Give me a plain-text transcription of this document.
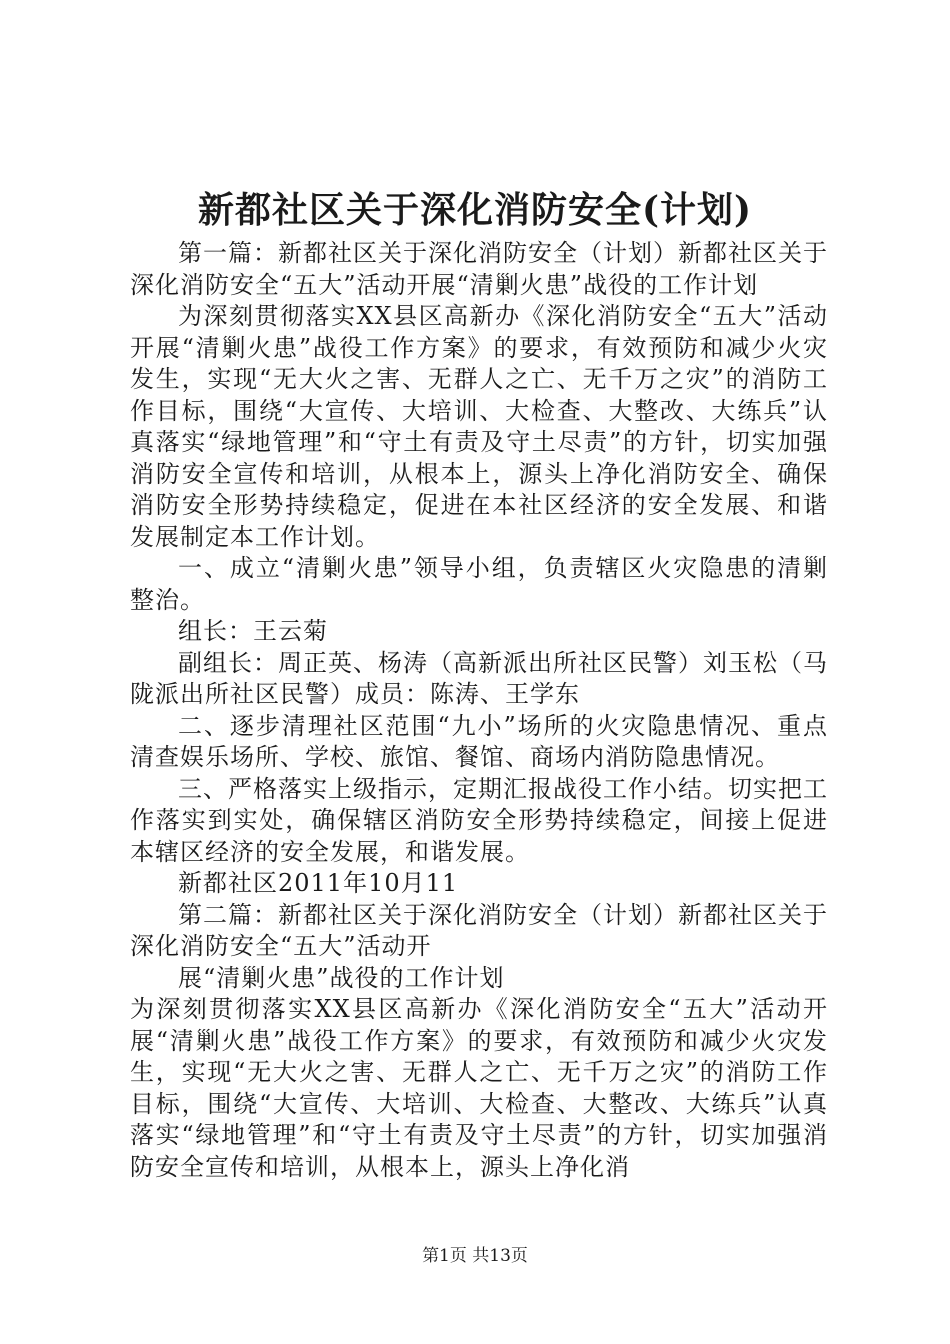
新都社区关于深化消防安全(计划)

第一篇：新都社区关于深化消防安全（计划）新都社区关于深化消防安全“五大”活动开展“清剿火患”战役的工作计划

为深刻贯彻落实XX县区高新办《深化消防安全“五大”活动开展“清剿火患”战役工作方案》的要求，有效预防和减少火灾发生，实现“无大火之害、无群人之亡、无千万之灾”的消防工作目标，围绕“大宣传、大培训、大检查、大整改、大练兵”认真落实“绿地管理”和“守土有责及守土尽责”的方针，切实加强消防安全宣传和培训，从根本上，源头上净化消防安全、确保消防安全形势持续稳定，促进在本社区经济的安全发展、和谐发展制定本工作计划。

一、成立“清剿火患”领导小组，负责辖区火灾隐患的清剿整治。

组长：王云菊

副组长：周正英、杨涛（高新派出所社区民警）刘玉松（马陇派出所社区民警）成员：陈涛、王学东

二、逐步清理社区范围“九小”场所的火灾隐患情况、重点清查娱乐场所、学校、旅馆、餐馆、商场内消防隐患情况。

三、严格落实上级指示，定期汇报战役工作小结。切实把工作落实到实处，确保辖区消防安全形势持续稳定，间接上促进本辖区经济的安全发展，和谐发展。

新都社区2011年10月11

第二篇：新都社区关于深化消防安全（计划）新都社区关于深化消防安全“五大”活动开

展“清剿火患”战役的工作计划

为深刻贯彻落实XX县区高新办《深化消防安全“五大”活动开展“清剿火患”战役工作方案》的要求，有效预防和减少火灾发生，实现“无大火之害、无群人之亡、无千万之灾”的消防工作目标，围绕“大宣传、大培训、大检查、大整改、大练兵”认真落实“绿地管理”和“守土有责及守土尽责”的方针，切实加强消防安全宣传和培训，从根本上，源头上净化消

第1页 共13页
